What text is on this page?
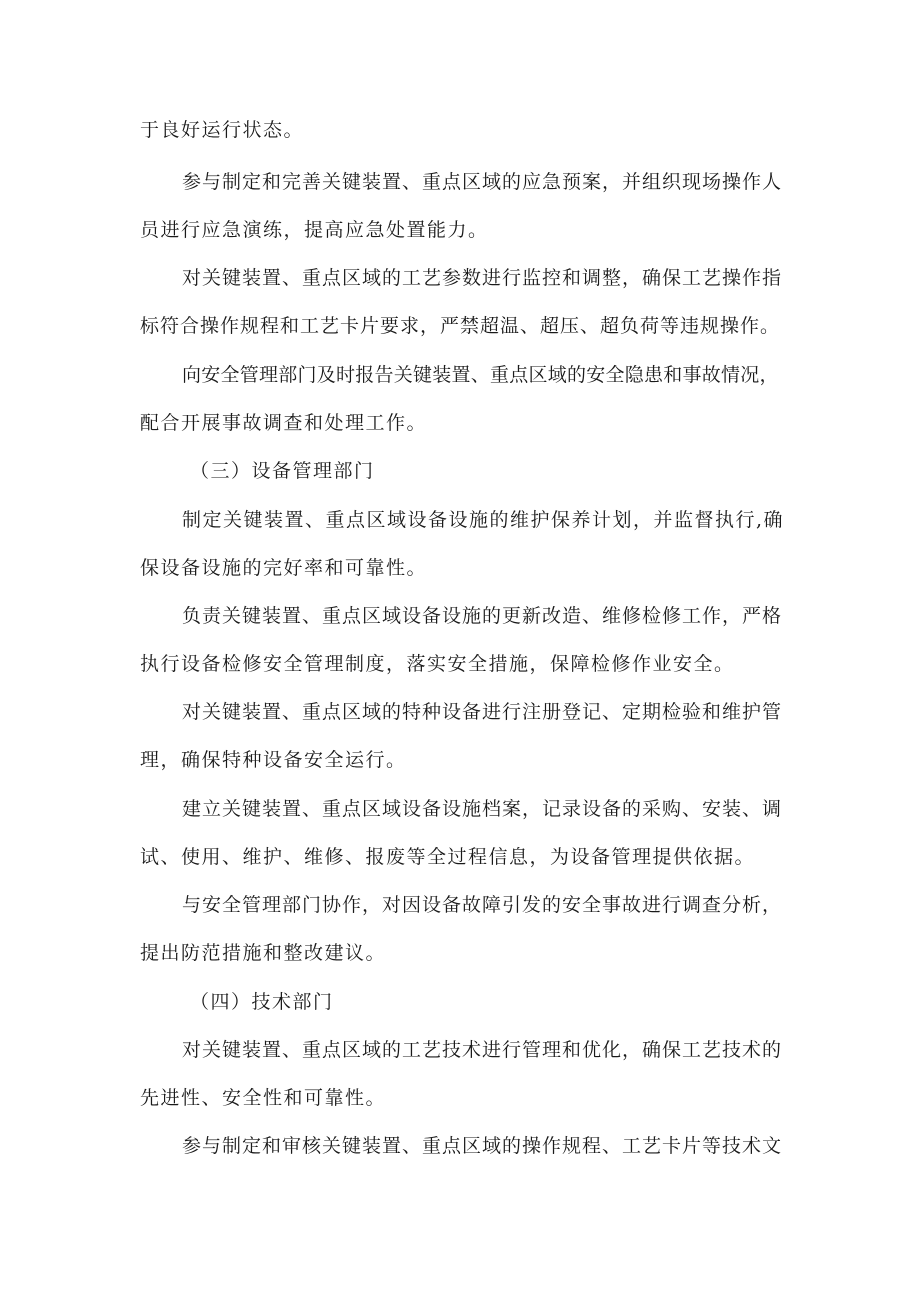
于良好运行状态。
参与制定和完善关键装置、重点区域的应急预案，并组织现场操作人
员进行应急演练，提高应急处置能力。
对关键装置、重点区域的工艺参数进行监控和调整，确保工艺操作指
标符合操作规程和工艺卡片要求，严禁超温、超压、超负荷等违规操作。
向安全管理部门及时报告关键装置、重点区域的安全隐患和事故情况，
配合开展事故调查和处理工作。
（三）设备管理部门
制定关键装置、重点区域设备设施的维护保养计划，并监督执行,确
保设备设施的完好率和可靠性。
负责关键装置、重点区域设备设施的更新改造、维修检修工作，严格
执行设备检修安全管理制度，落实安全措施，保障检修作业安全。
对关键装置、重点区域的特种设备进行注册登记、定期检验和维护管
理，确保特种设备安全运行。
建立关键装置、重点区域设备设施档案，记录设备的采购、安装、调
试、使用、维护、维修、报废等全过程信息，为设备管理提供依据。
与安全管理部门协作，对因设备故障引发的安全事故进行调查分析，
提出防范措施和整改建议。
（四）技术部门
对关键装置、重点区域的工艺技术进行管理和优化，确保工艺技术的
先进性、安全性和可靠性。
参与制定和审核关键装置、重点区域的操作规程、工艺卡片等技术文
